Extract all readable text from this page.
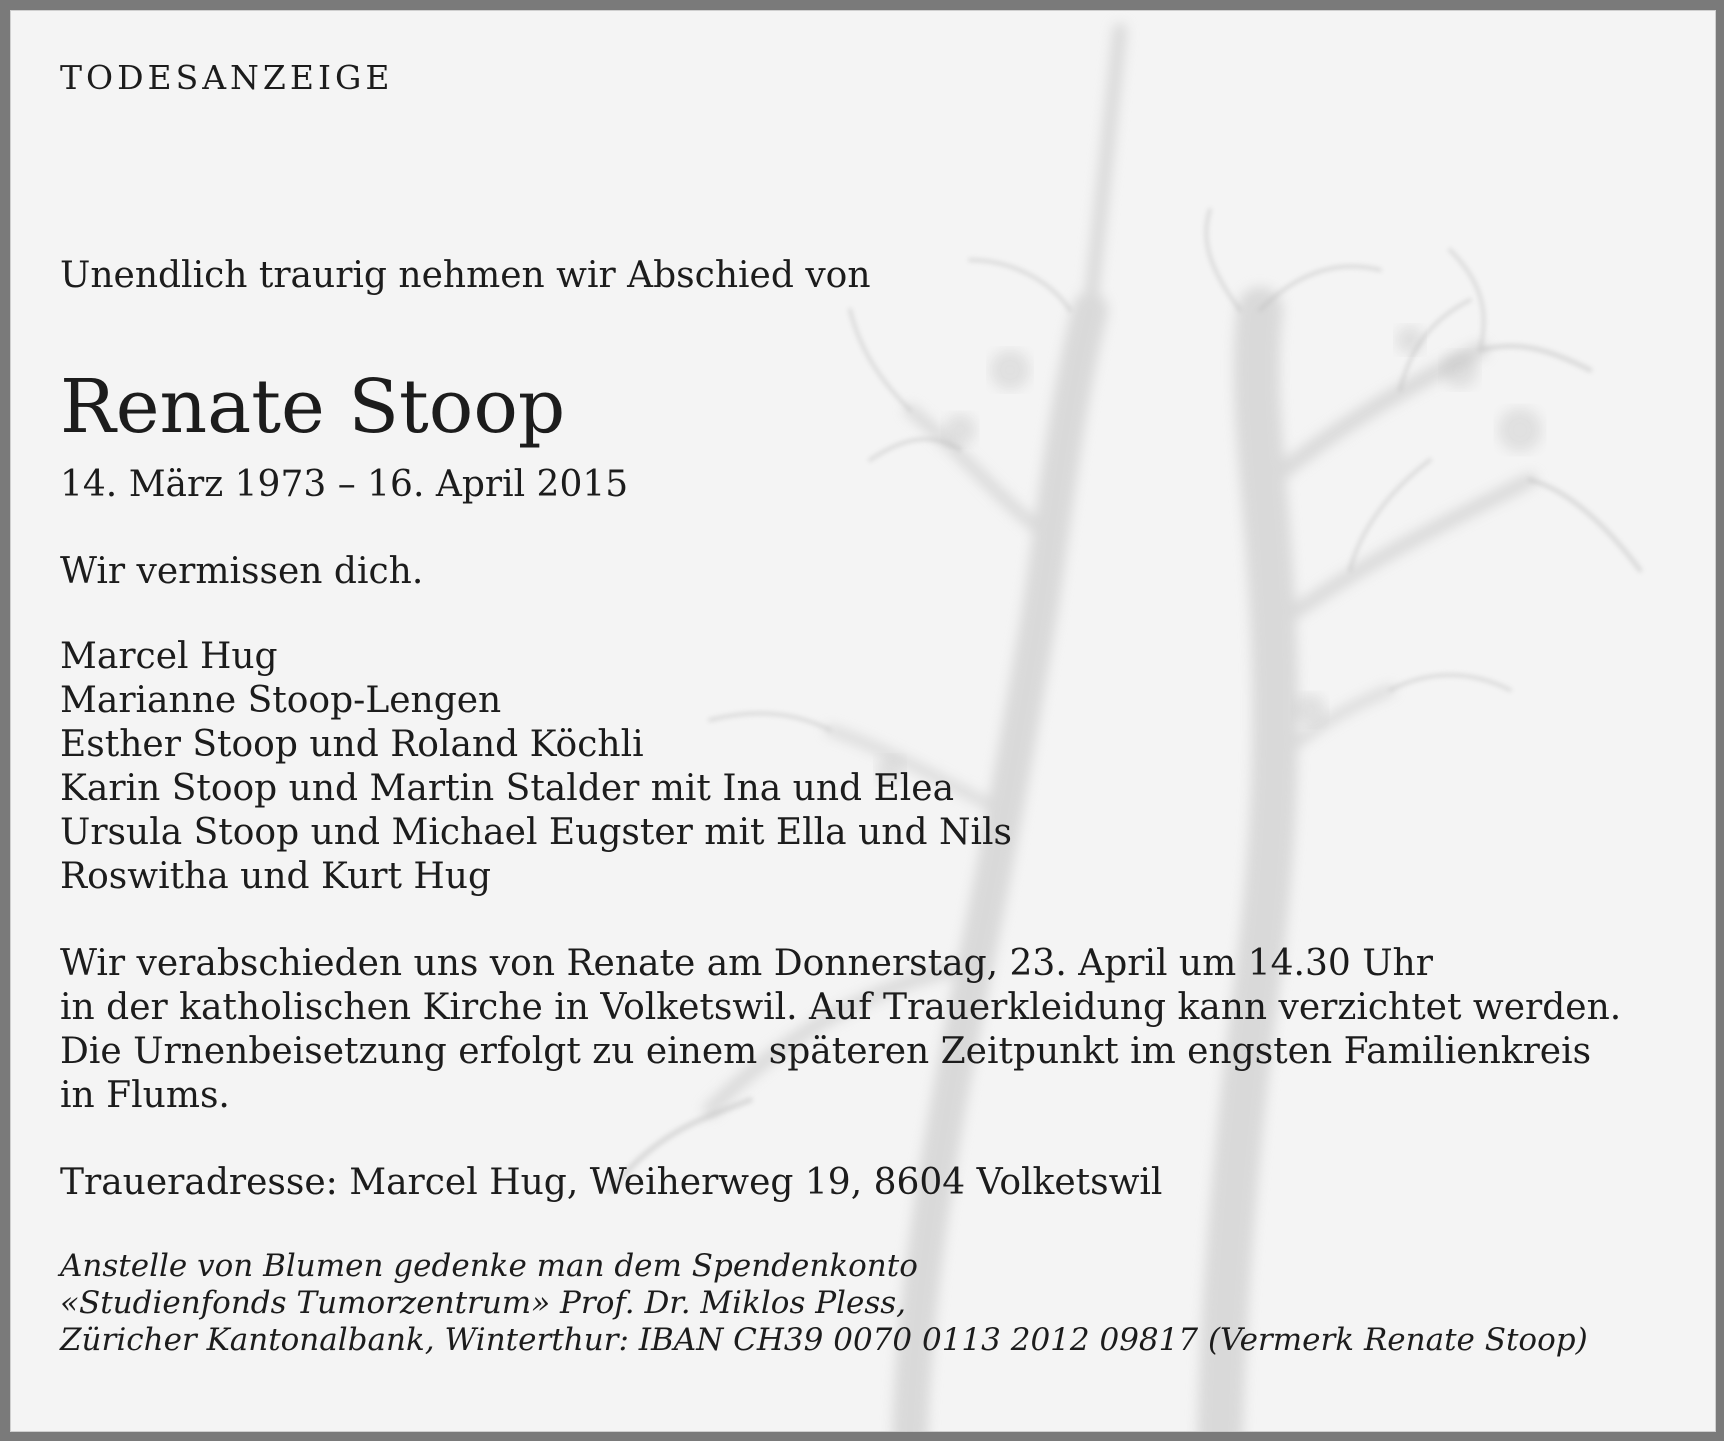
TODESANZEIGE

Unendlich traurig nehmen wir Abschied von

Renate Stoop

14. März 1973 – 16. April 2015

Wir vermissen dich.

Marcel Hug
Marianne Stoop-Lengen
Esther Stoop und Roland Köchli
Karin Stoop und Martin Stalder mit Ina und Elea
Ursula Stoop und Michael Eugster mit Ella und Nils
Roswitha und Kurt Hug

Wir verabschieden uns von Renate am Donnerstag, 23. April um 14.30 Uhr
in der katholischen Kirche in Volketswil. Auf Trauerkleidung kann verzichtet werden.
Die Urnenbeisetzung erfolgt zu einem späteren Zeitpunkt im engsten Familienkreis
in Flums.

Traueradresse: Marcel Hug, Weiherweg 19, 8604 Volketswil

Anstelle von Blumen gedenke man dem Spendenkonto
«Studienfonds Tumorzentrum» Prof. Dr. Miklos Pless,
Züricher Kantonalbank, Winterthur: IBAN CH39 0070 0113 2012 09817 (Vermerk Renate Stoop)
